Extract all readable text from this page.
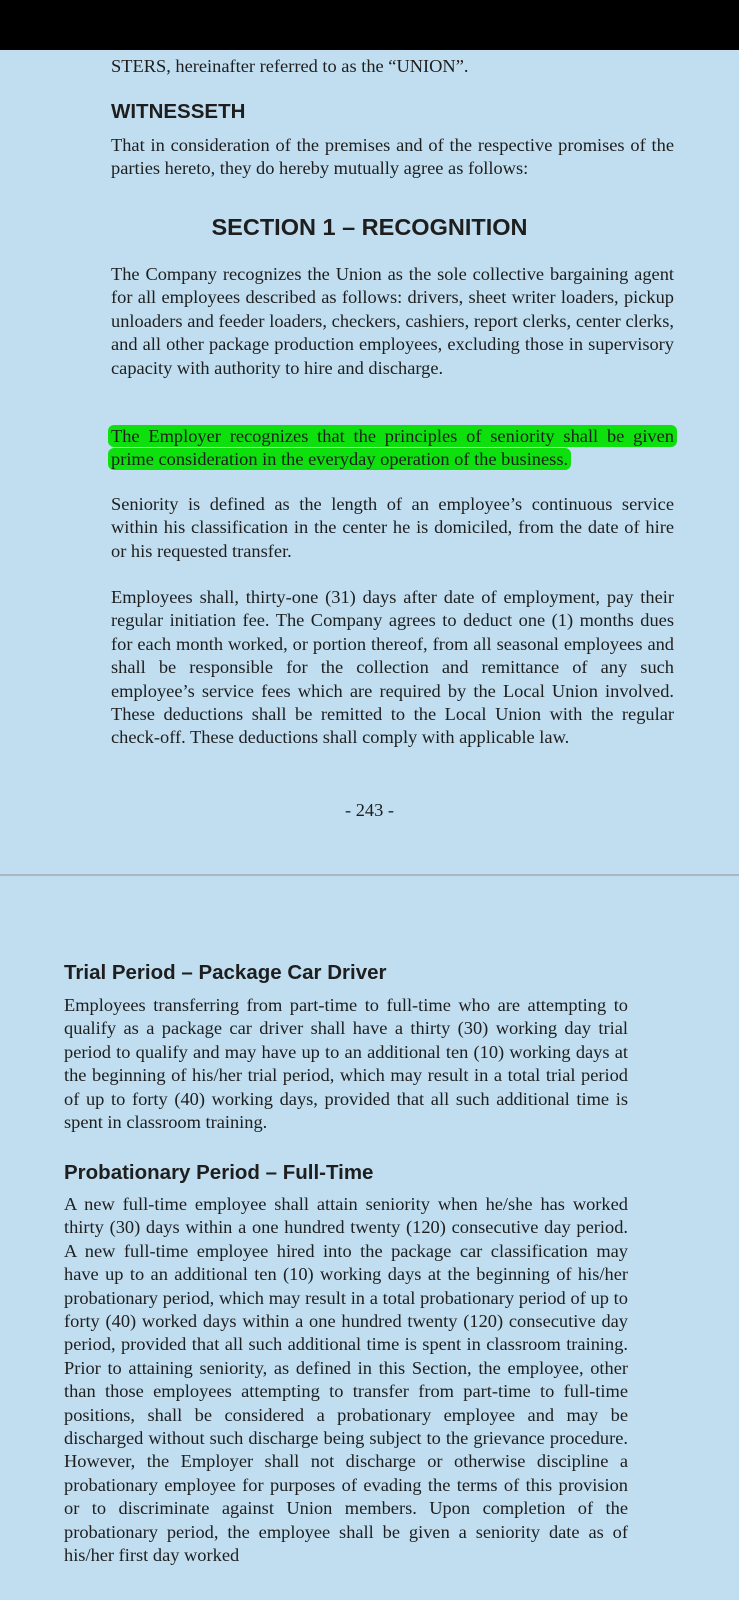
STERS, hereinafter referred to as the “UNION”.

WITNESSETH

That in consideration of the premises and of the respective promises of the parties hereto, they do hereby mutually agree as follows:

SECTION 1 – RECOGNITION

The Company recognizes the Union as the sole collective bargaining agent for all employees described as follows: drivers, sheet writer loaders, pickup unloaders and feeder loaders, checkers, cashiers, report clerks, center clerks, and all other package production employees, excluding those in supervisory capacity with authority to hire and discharge.

The Employer recognizes that the principles of seniority shall be given prime consideration in the everyday operation of the business.

Seniority is defined as the length of an employee’s continuous service within his classification in the center he is domiciled, from the date of hire or his requested transfer.

Employees shall, thirty-one (31) days after date of employment, pay their regular initiation fee. The Company agrees to deduct one (1) months dues for each month worked, or portion thereof, from all seasonal employees and shall be responsible for the collection and remittance of any such employee’s service fees which are required by the Local Union involved. These deductions shall be remitted to the Local Union with the regular check-off. These deductions shall comply with applicable law.

- 243 -
Trial Period – Package Car Driver

Employees transferring from part-time to full-time who are attempting to qualify as a package car driver shall have a thirty (30) working day trial period to qualify and may have up to an additional ten (10) working days at the beginning of his/her trial period, which may result in a total trial period of up to forty (40) working days, provided that all such additional time is spent in classroom training.

Probationary Period – Full-Time

A new full-time employee shall attain seniority when he/she has worked thirty (30) days within a one hundred twenty (120) consecutive day period. A new full-time employee hired into the package car classification may have up to an additional ten (10) working days at the beginning of his/her probationary period, which may result in a total probationary period of up to forty (40) worked days within a one hundred twenty (120) consecutive day period, provided that all such additional time is spent in classroom training. Prior to attaining seniority, as defined in this Section, the employee, other than those employees attempting to transfer from part-time to full-time positions, shall be considered a probationary employee and may be discharged without such discharge being subject to the grievance procedure. However, the Employer shall not discharge or otherwise discipline a probationary employee for purposes of evading the terms of this provision or to discriminate against Union members. Upon completion of the probationary period, the employee shall be given a seniority date as of his/her first day worked
